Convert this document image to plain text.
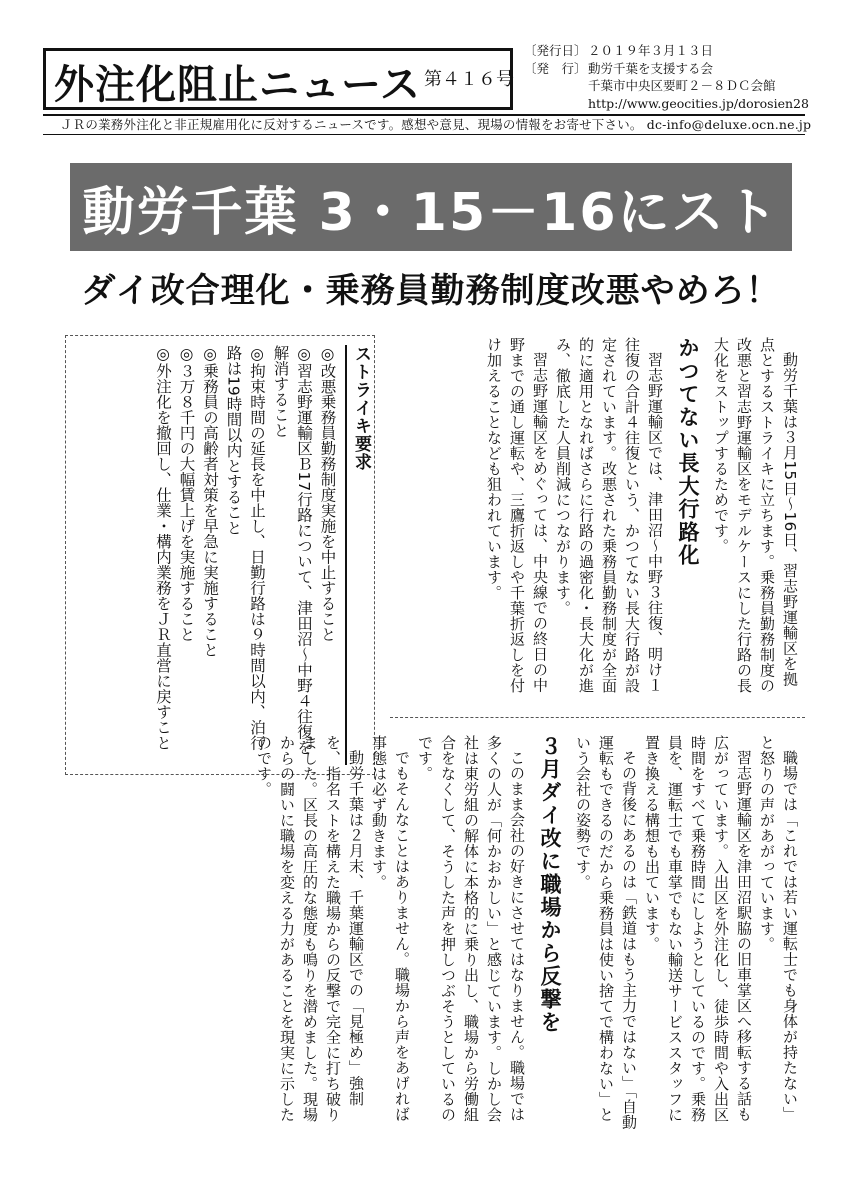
外注化阻止ニュース 第４１６号
〔発行日〕 ２０１９年３月１３日
〔発　行〕 動労千葉を支援する会
千葉市中央区要町２－８ＤＣ会館
http://www.geocities.jp/dorosien28
ＪＲの業務外注化と非正規雇用化に反対するニュースです。感想や意見、現場の情報をお寄せ下さい。 dc-info@deluxe.ocn.ne.jp
動労千葉 3・15－16にスト
ダイ改合理化・乗務員勤務制度改悪やめろ！

動労千葉は３月15日～16日、習志野運輸区を拠点とするストライキに立ちます。乗務員勤務制度の改悪と習志野運輸区をモデルケースにした行路の長大化をストップするためです。

かつてない長大行路化

習志野運輸区では、津田沼～中野３往復、明け１往復の合計４往復という、かつてない長大行路が設定されています。改悪された乗務員勤務制度が全面的に適用となればさらに行路の過密化・長大化が進み、徹底した人員削減につながります。

習志野運輸区をめぐっては、中央線での終日の中野までの通し運転や、三鷹折返しや千葉折返しを付け加えることなども狙われています。

ストライキ要求

◎改悪乗務員勤務制度実施を中止すること

◎習志野運輸区Ｂ17行路について、津田沼～中野４往復を解消すること

◎拘束時間の延長を中止し、日勤行路は９時間以内、泊行路は19時間以内とすること

◎乗務員の高齢者対策を早急に実施すること

◎３万８千円の大幅賃上げを実施すること

◎外注化を撤回し、仕業・構内業務をＪＲ直営に戻すこと

職場では「これでは若い運転士でも身体が持たない」と怒りの声があがっています。

習志野運輸区を津田沼駅脇の旧車掌区へ移転する話も広がっています。入出区を外注化し、徒歩時間や入出区時間をすべて乗務時間にしようとしているのです。乗務員を、運転士でも車掌でもない輸送サービススタッフに置き換える構想も出ています。

その背後にあるのは「鉄道はもう主力ではない」「自動運転もできるのだから乗務員は使い捨てで構わない」という会社の姿勢です。

３月ダイ改に職場から反撃を

このまま会社の好きにさせてはなりません。職場では多くの人が「何かおかしい」と感じています。しかし会社は東労組の解体に本格的に乗り出し、職場から労働組合をなくして、そうした声を押しつぶそうとしているのです。

でもそんなことはありません。職場から声をあげれば事態は必ず動きます。

動労千葉は２月末、千葉運輸区での「見極め」強制を、指名ストを構えた職場からの反撃で完全に打ち破りました。区長の高圧的な態度も鳴りを潜めました。現場からの闘いに職場を変える力があることを現実に示したのです。
